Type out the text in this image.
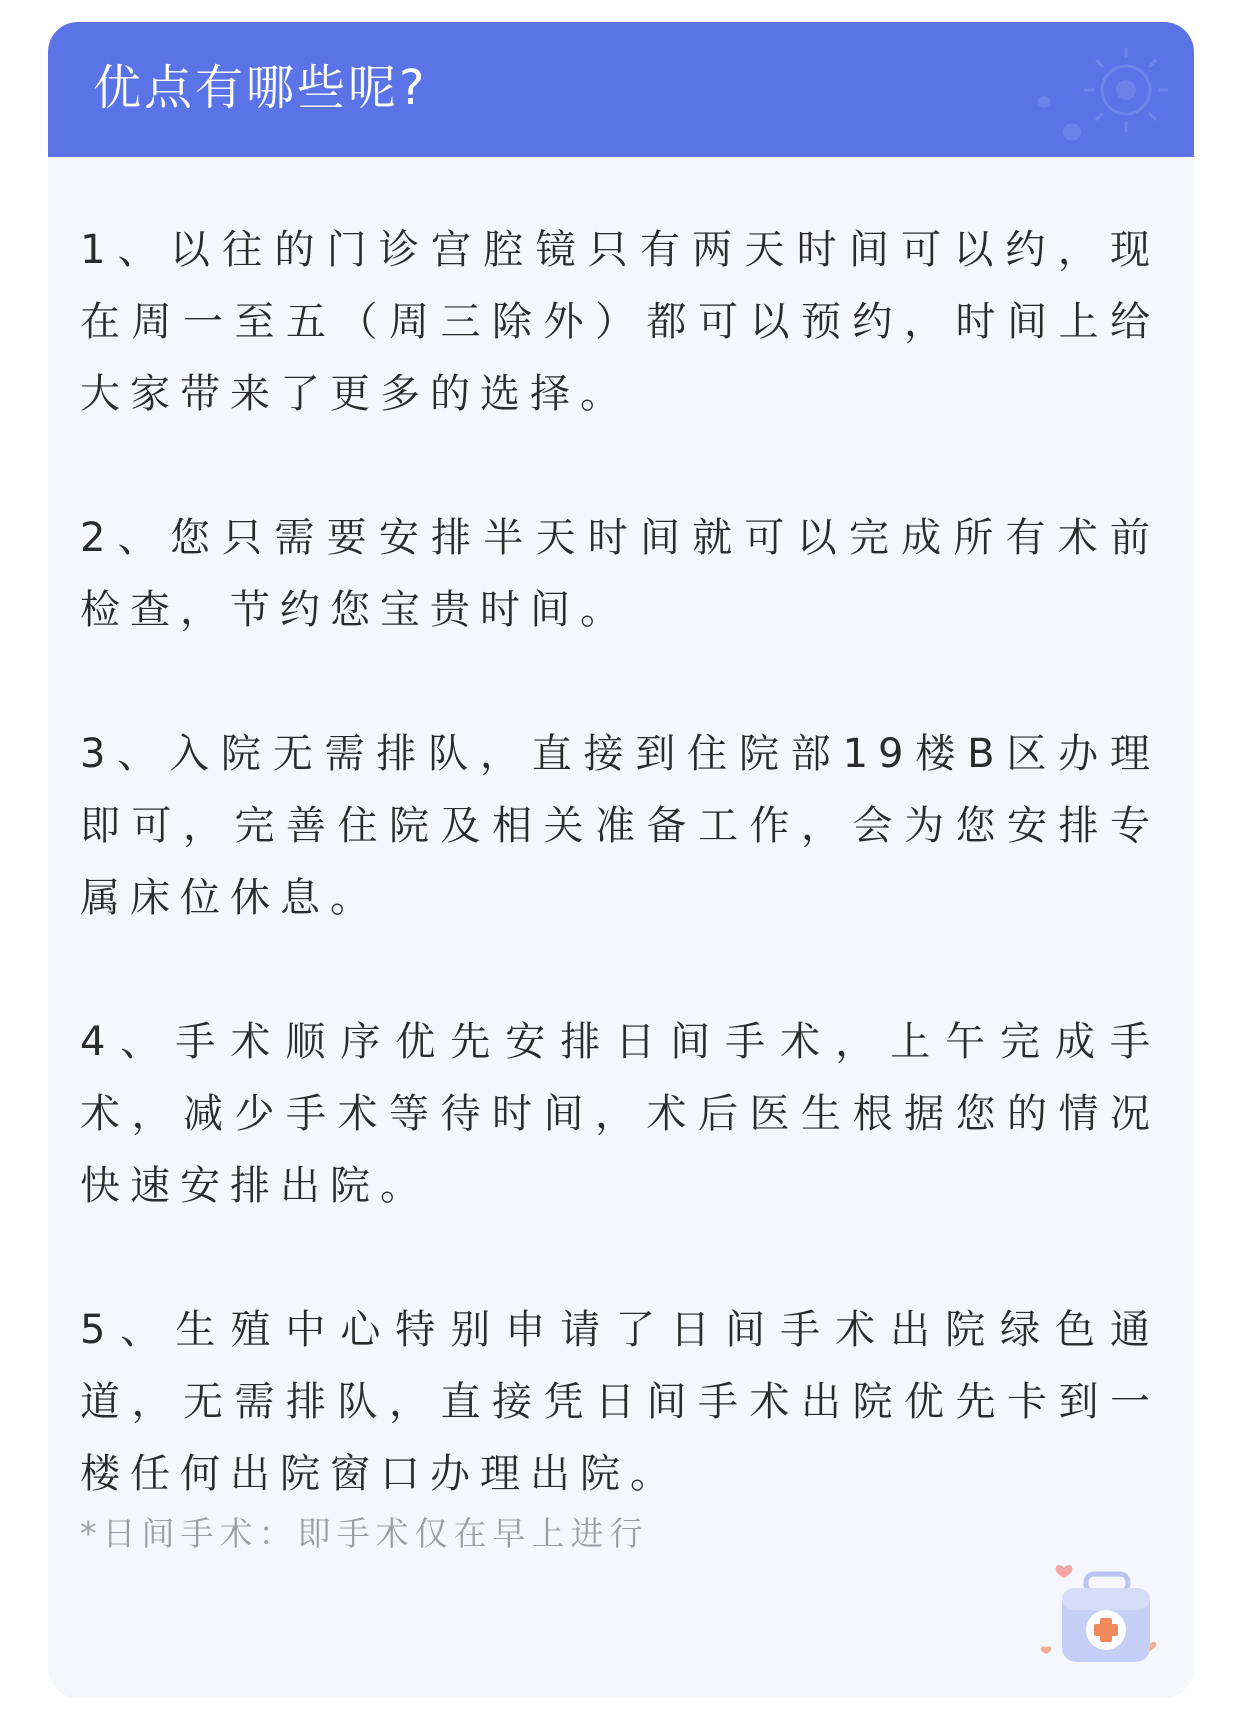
优点有哪些呢?

1、以往的门诊宫腔镜只有两天时间可以约，现在周一至五（周三除外）都可以预约，时间上给大家带来了更多的选择。

2、您只需要安排半天时间就可以完成所有术前检查，节约您宝贵时间。

3、入院无需排队，直接到住院部19楼B区办理即可，完善住院及相关准备工作，会为您安排专属床位休息。

4、手术顺序优先安排日间手术，上午完成手术，减少手术等待时间，术后医生根据您的情况快速安排出院。

5、生殖中心特别申请了日间手术出院绿色通道，无需排队，直接凭日间手术出院优先卡到一楼任何出院窗口办理出院。

*日间手术：即手术仅在早上进行
